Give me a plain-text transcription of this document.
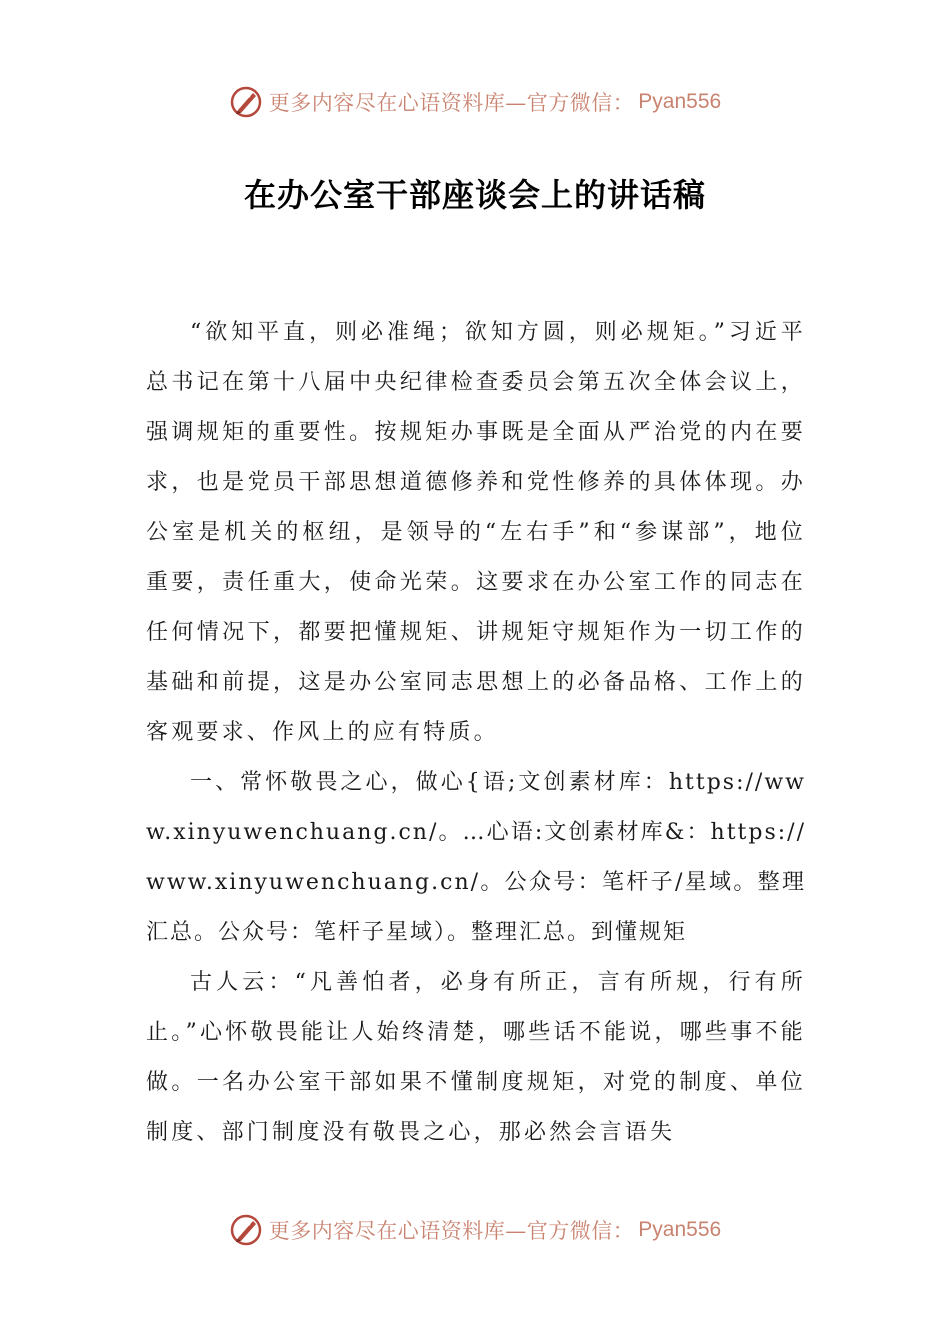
更多内容尽在心语资料库—官方微信： Pyan556
在办公室干部座谈会上的讲话稿

“欲知平直，则必准绳；欲知方圆，则必规矩。”习近平总书记在第十八届中央纪律检查委员会第五次全体会议上，强调规矩的重要性。按规矩办事既是全面从严治党的内在要求，也是党员干部思想道德修养和党性修养的具体体现。办公室是机关的枢纽，是领导的“左右手”和“参谋部”，地位重要，责任重大，使命光荣。这要求在办公室工作的同志在任何情况下，都要把懂规矩、讲规矩守规矩作为一切工作的基础和前提，这是办公室同志思想上的必备品格、工作上的客观要求、作风上的应有特质。

一、常怀敬畏之心，做心{语;文创素材库：https://www.xinyuwenchuang.cn/。…心语:文创素材库&：https://www.xinyuwenchuang.cn/。公众号：笔杆子/星域。整理汇总。公众号：笔杆子星域）。整理汇总。到懂规矩

古人云：“凡善怕者，必身有所正，言有所规，行有所止。”心怀敬畏能让人始终清楚，哪些话不能说，哪些事不能做。一名办公室干部如果不懂制度规矩，对党的制度、单位制度、部门制度没有敬畏之心，那必然会言语失

更多内容尽在心语资料库—官方微信： Pyan556
